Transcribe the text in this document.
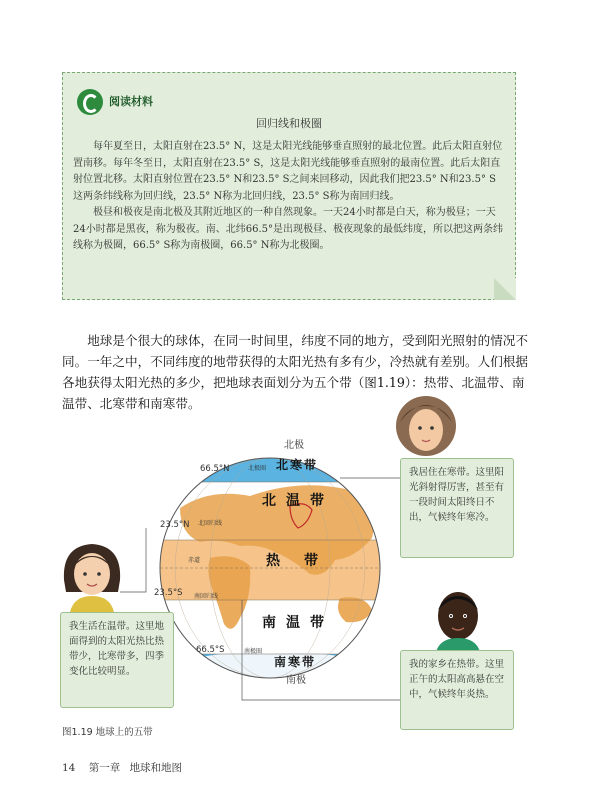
阅读材料
回归线和极圈

每年夏至日，太阳直射在23.5° N，这是太阳光线能够垂直照射的最北位置。此后太阳直射位置南移。每年冬至日，太阳直射在23.5° S，这是太阳光线能够垂直照射的最南位置。此后太阳直射位置北移。太阳直射位置在23.5° N和23.5° S之间来回移动，因此我们把23.5° N和23.5° S这两条纬线称为回归线，23.5° N称为北回归线，23.5° S称为南回归线。

极昼和极夜是南北极及其附近地区的一种自然现象。一天24小时都是白天，称为极昼；一天24小时都是黑夜，称为极夜。南、北纬66.5°是出现极昼、极夜现象的最低纬度，所以把这两条纬线称为极圈，66.5° S称为南极圈，66.5° N称为北极圈。

地球是个很大的球体，在同一时间里，纬度不同的地方，受到阳光照射的情况不同。一年之中，不同纬度的地带获得的太阳光热有多有少，冷热就有差别。人们根据各地获得太阳光热的多少，把地球表面划分为五个带（图1.19）：热带、北温带、南温带、北寒带和南寒带。

北极
66.5°N
23.5°N
23.5°S
66.5°S
北极圈
北回归线
赤道
南回归线
南极圈
北寒带
北温带
热带
南温带
南寒带
南极
我居住在寒带。这里阳光斜射得厉害，甚至有一段时间太阳终日不出，气候终年寒冷。
我生活在温带。这里地面得到的太阳光热比热带少，比寒带多，四季变化比较明显。
我的家乡在热带。这里正午的太阳高高悬在空中，气候终年炎热。
图1.19 地球上的五带
14 第一章 地球和地图
